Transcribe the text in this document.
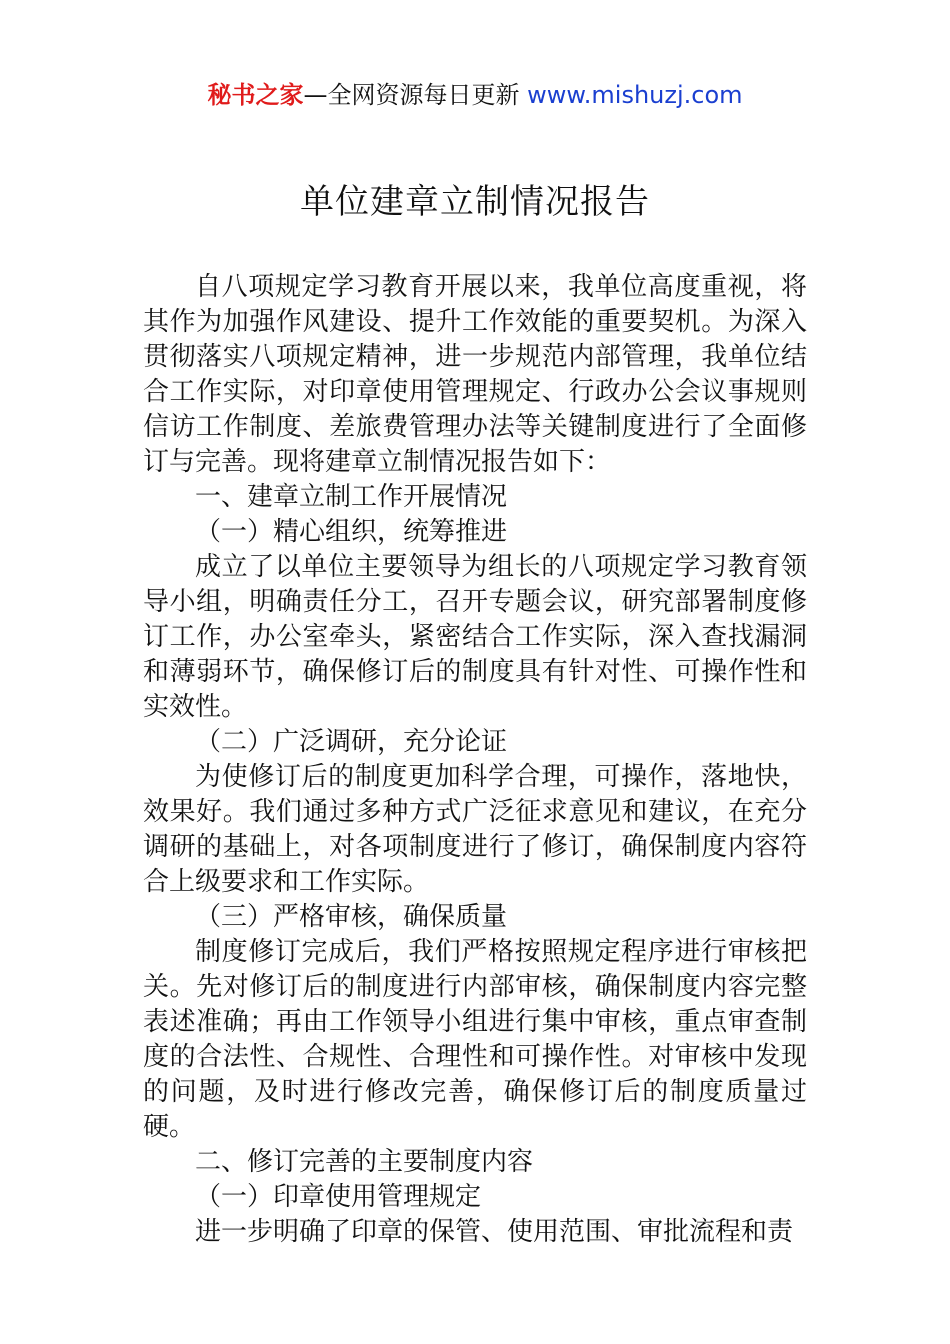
秘书之家—全网资源每日更新 www.mishuzj.com
单位建章立制情况报告

自八项规定学习教育开展以来，我单位高度重视，将其作为加强作风建设、提升工作效能的重要契机。为深入贯彻落实八项规定精神，进一步规范内部管理，我单位结合工作实际，对印章使用管理规定、行政办公会议事规则信访工作制度、差旅费管理办法等关键制度进行了全面修订与完善。现将建章立制情况报告如下：

一、建章立制工作开展情况

（一）精心组织，统筹推进

成立了以单位主要领导为组长的八项规定学习教育领导小组，明确责任分工，召开专题会议，研究部署制度修订工作，办公室牵头，紧密结合工作实际，深入查找漏洞和薄弱环节，确保修订后的制度具有针对性、可操作性和实效性。

（二）广泛调研，充分论证

为使修订后的制度更加科学合理，可操作，落地快，效果好。我们通过多种方式广泛征求意见和建议，在充分调研的基础上，对各项制度进行了修订，确保制度内容符合上级要求和工作实际。

（三）严格审核，确保质量

制度修订完成后，我们严格按照规定程序进行审核把关。先对修订后的制度进行内部审核，确保制度内容完整表述准确；再由工作领导小组进行集中审核，重点审查制度的合法性、合规性、合理性和可操作性。对审核中发现的问题，及时进行修改完善，确保修订后的制度质量过硬。

二、修订完善的主要制度内容

（一）印章使用管理规定

进一步明确了印章的保管、使用范围、审批流程和责
